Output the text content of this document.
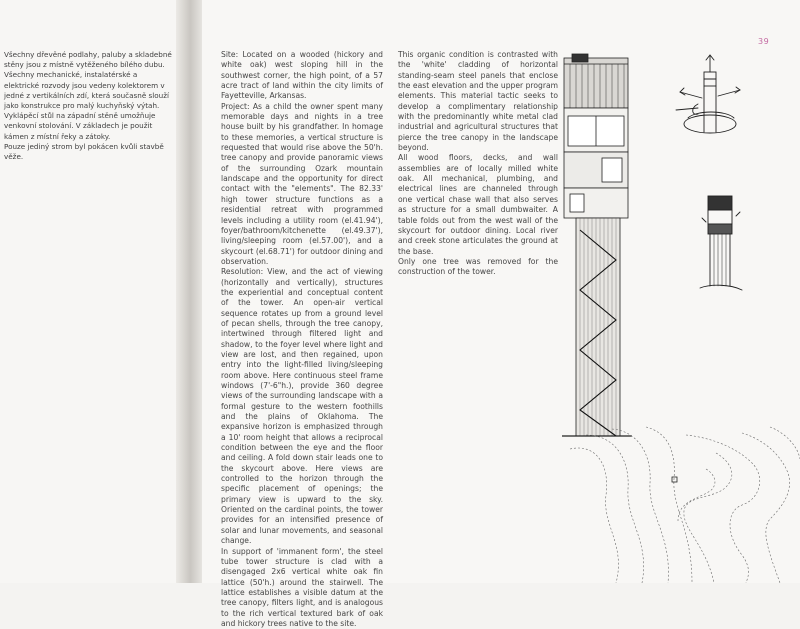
Všechny dřevěné podlahy, paluby a skladebné stěny jsou z místně vytěženého bílého dubu. Všechny mechanické, instalatérské a elektrické rozvody jsou vedeny kolektorem v jedné z vertikálních zdí, která současně slouží jako konstrukce pro malý kuchyňský výtah. Vyklápěcí stůl na západní stěně umožňuje venkovní stolování. V základech je použit kámen z místní řeky a zátoky.

Pouze jediný strom byl pokácen kvůli stavbě věže.

39

Site: Located on a wooded (hickory and white oak) west sloping hill in the southwest corner, the high point, of a 57 acre tract of land within the city limits of Fayetteville, Arkansas.

Project: As a child the owner spent many memorable days and nights in a tree house built by his grandfather. In homage to these memories, a vertical structure is requested that would rise above the 50'h. tree canopy and provide panoramic views of the surrounding Ozark mountain landscape and the opportunity for direct contact with the "elements". The 82.33' high tower structure functions as a residential retreat with programmed levels including a utility room (el.41.94'), foyer/bathroom/kitchenette (el.49.37'), living/sleeping room (el.57.00'), and a skycourt (el.68.71') for outdoor dining and observation.

Resolution: View, and the act of viewing (horizontally and vertically), structures the experiential and conceptual content of the tower. An open-air vertical sequence rotates up from a ground level of pecan shells, through the tree canopy, intertwined through filtered light and shadow, to the foyer level where light and view are lost, and then regained, upon entry into the light-filled living/sleeping room above. Here continuous steel frame windows (7'-6"h.), provide 360 degree views of the surrounding landscape with a formal gesture to the western foothills and the plains of Oklahoma. The expansive horizon is emphasized through a 10' room height that allows a reciprocal condition between the eye and the floor and ceiling. A fold down stair leads one to the skycourt above. Here views are controlled to the horizon through the specific placement of openings; the primary view is upward to the sky. Oriented on the cardinal points, the tower provides for an intensified presence of solar and lunar movements, and seasonal change.

In support of 'immanent form', the steel tube tower structure is clad with a disengaged 2x6 vertical white oak fin lattice (50'h.) around the stairwell. The lattice establishes a visible datum at the tree canopy, filters light, and is analogous to the rich vertical textured bark of oak and hickory trees native to the site.

This organic condition is contrasted with the 'white' cladding of horizontal standing-seam steel panels that enclose the east elevation and the upper program elements. This material tactic seeks to develop a complimentary relationship with the predominantly white metal clad industrial and agricultural structures that pierce the tree canopy in the landscape beyond.

All wood floors, decks, and wall assemblies are of locally milled white oak. All mechanical, plumbing, and electrical lines are channeled through one vertical chase wall that also serves as structure for a small dumbwaiter. A table folds out from the west wall of the skycourt for outdoor dining. Local river and creek stone articulates the ground at the base.

Only one tree was removed for the construction of the tower.
